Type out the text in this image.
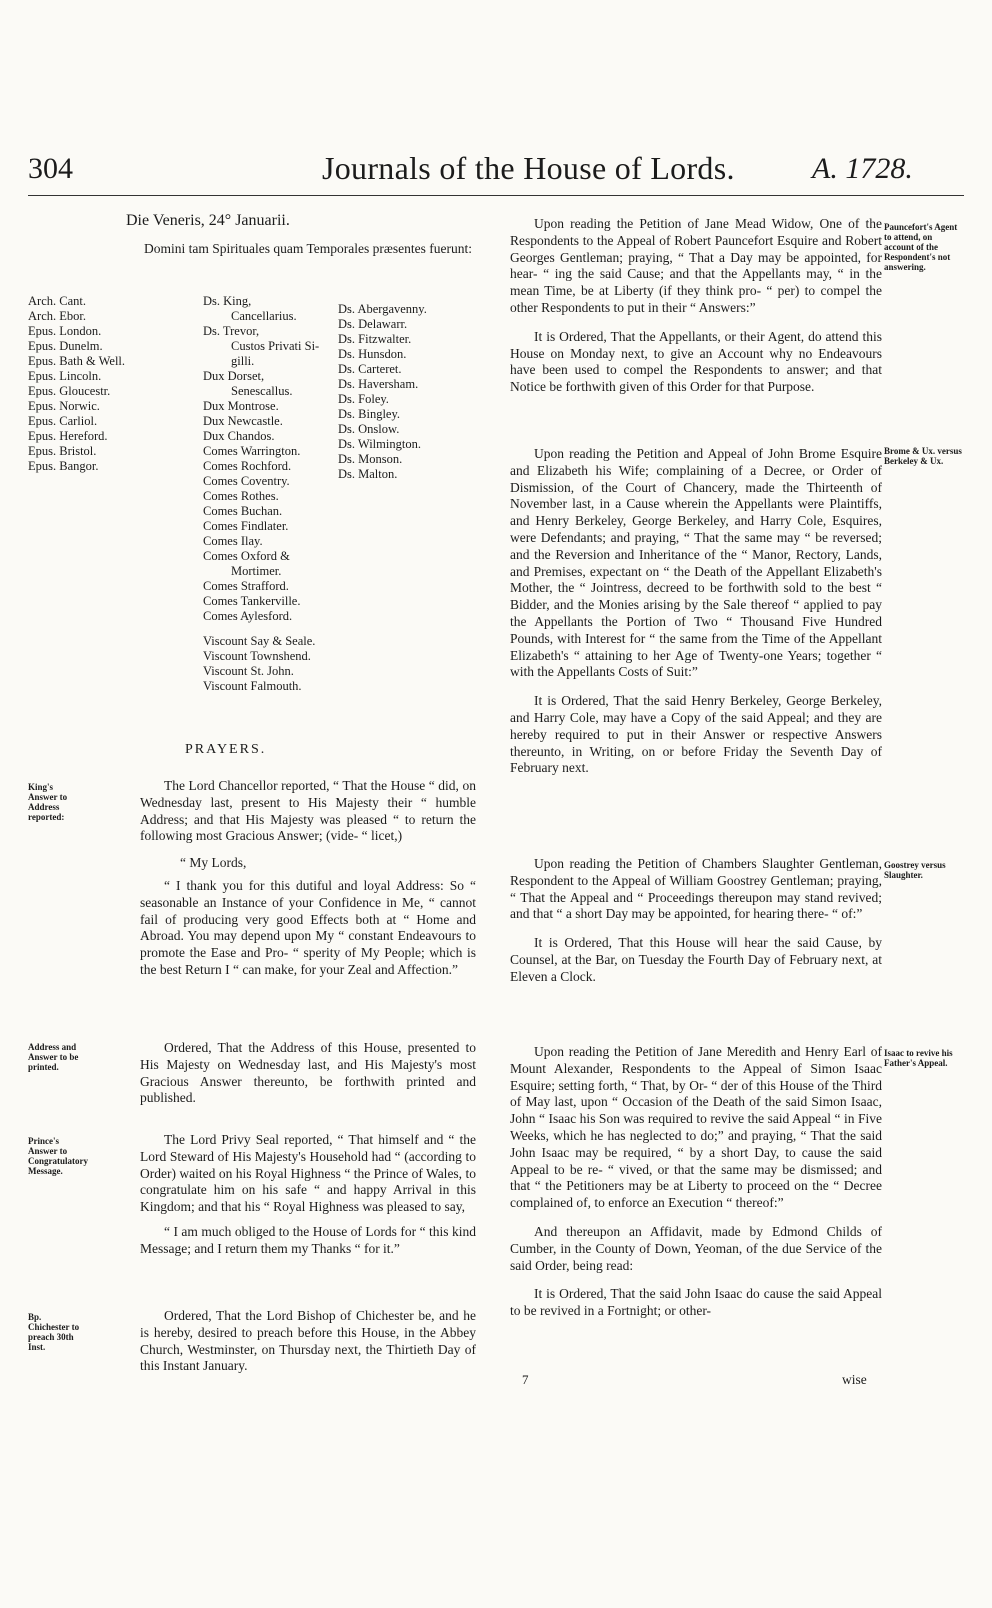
304	Journals of the House of Lords.	A. 1728.
Die Veneris, 24° Januarii.
Domini tam Spirituales quam Temporales præsentes fuerunt:
Arch. Cant.
Arch. Ebor.
Epus. London.
Epus. Dunelm.
Epus. Bath & Well.
Epus. Lincoln.
Epus. Gloucestr.
Epus. Norwic.
Epus. Carliol.
Epus. Hereford.
Epus. Bristol.
Epus. Bangor.
Ds. King,
Cancellarius.
Ds. Trevor,
Custos Privati Si-
gilli.
Dux Dorset,
Senescallus.
Dux Montrose.
Dux Newcastle.
Dux Chandos.
Comes Warrington.
Comes Rochford.
Comes Coventry.
Comes Rothes.
Comes Buchan.
Comes Findlater.
Comes Ilay.
Comes Oxford &
Mortimer.
Comes Strafford.
Comes Tankerville.
Comes Aylesford.
Viscount Say & Seale.
Viscount Townshend.
Viscount St. John.
Viscount Falmouth.
Ds. Abergavenny.
Ds. Delawarr.
Ds. Fitzwalter.
Ds. Hunsdon.
Ds. Carteret.
Ds. Haversham.
Ds. Foley.
Ds. Bingley.
Ds. Onslow.
Ds. Wilmington.
Ds. Monson.
Ds. Malton.
PRAYERS.
King's Answer to Address reported:

The Lord Chancellor reported, “ That the House “ did, on Wednesday last, present to His Majesty their “ humble Address; and that His Majesty was pleased “ to return the following most Gracious Answer; (vide- “ licet,)

“ My Lords,

“ I thank you for this dutiful and loyal Address: So “ seasonable an Instance of your Confidence in Me, “ cannot fail of producing very good Effects both at “ Home and Abroad. You may depend upon My “ constant Endeavours to promote the Ease and Pro- “ sperity of My People; which is the best Return I “ can make, for your Zeal and Affection.”

Address and Answer to be printed.

Ordered, That the Address of this House, presented to His Majesty on Wednesday last, and His Majesty's most Gracious Answer thereunto, be forthwith printed and published.

Prince's Answer to Congratulatory Message.

The Lord Privy Seal reported, “ That himself and “ the Lord Steward of His Majesty's Household had “ (according to Order) waited on his Royal Highness “ the Prince of Wales, to congratulate him on his safe “ and happy Arrival in this Kingdom; and that his “ Royal Highness was pleased to say,

“ I am much obliged to the House of Lords for “ this kind Message; and I return them my Thanks “ for it.”

Bp. Chichester to preach 30th Inst.

Ordered, That the Lord Bishop of Chichester be, and he is hereby, desired to preach before this House, in the Abbey Church, Westminster, on Thursday next, the Thirtieth Day of this Instant January.

Pauncefort's Agent to attend, on account of the Respondent's not answering.

Upon reading the Petition of Jane Mead Widow, One of the Respondents to the Appeal of Robert Pauncefort Esquire and Robert Georges Gentleman; praying, “ That a Day may be appointed, for hear- “ ing the said Cause; and that the Appellants may, “ in the mean Time, be at Liberty (if they think pro- “ per) to compel the other Respondents to put in their “ Answers:”

It is Ordered, That the Appellants, or their Agent, do attend this House on Monday next, to give an Account why no Endeavours have been used to compel the Respondents to answer; and that Notice be forthwith given of this Order for that Purpose.

Brome & Ux. versus Berkeley & Ux.

Upon reading the Petition and Appeal of John Brome Esquire and Elizabeth his Wife; complaining of a Decree, or Order of Dismission, of the Court of Chancery, made the Thirteenth of November last, in a Cause wherein the Appellants were Plaintiffs, and Henry Berkeley, George Berkeley, and Harry Cole, Esquires, were Defendants; and praying, “ That the same may “ be reversed; and the Reversion and Inheritance of the “ Manor, Rectory, Lands, and Premises, expectant on “ the Death of the Appellant Elizabeth's Mother, the “ Jointress, decreed to be forthwith sold to the best “ Bidder, and the Monies arising by the Sale thereof “ applied to pay the Appellants the Portion of Two “ Thousand Five Hundred Pounds, with Interest for “ the same from the Time of the Appellant Elizabeth's “ attaining to her Age of Twenty-one Years; together “ with the Appellants Costs of Suit:”

It is Ordered, That the said Henry Berkeley, George Berkeley, and Harry Cole, may have a Copy of the said Appeal; and they are hereby required to put in their Answer or respective Answers thereunto, in Writing, on or before Friday the Seventh Day of February next.

Goostrey versus Slaughter.

Upon reading the Petition of Chambers Slaughter Gentleman, Respondent to the Appeal of William Goostrey Gentleman; praying, “ That the Appeal and “ Proceedings thereupon may stand revived; and that “ a short Day may be appointed, for hearing there- “ of:”

It is Ordered, That this House will hear the said Cause, by Counsel, at the Bar, on Tuesday the Fourth Day of February next, at Eleven a Clock.

Isaac to revive his Father's Appeal.

Upon reading the Petition of Jane Meredith and Henry Earl of Mount Alexander, Respondents to the Appeal of Simon Isaac Esquire; setting forth, “ That, by Or- “ der of this House of the Third of May last, upon “ Occasion of the Death of the said Simon Isaac, John “ Isaac his Son was required to revive the said Appeal “ in Five Weeks, which he has neglected to do;” and praying, “ That the said John Isaac may be required, “ by a short Day, to cause the said Appeal to be re- “ vived, or that the same may be dismissed; and that “ the Petitioners may be at Liberty to proceed on the “ Decree complained of, to enforce an Execution “ thereof:”

And thereupon an Affidavit, made by Edmond Childs of Cumber, in the County of Down, Yeoman, of the due Service of the said Order, being read:

It is Ordered, That the said John Isaac do cause the said Appeal to be revived in a Fortnight; or other-

7	wise
